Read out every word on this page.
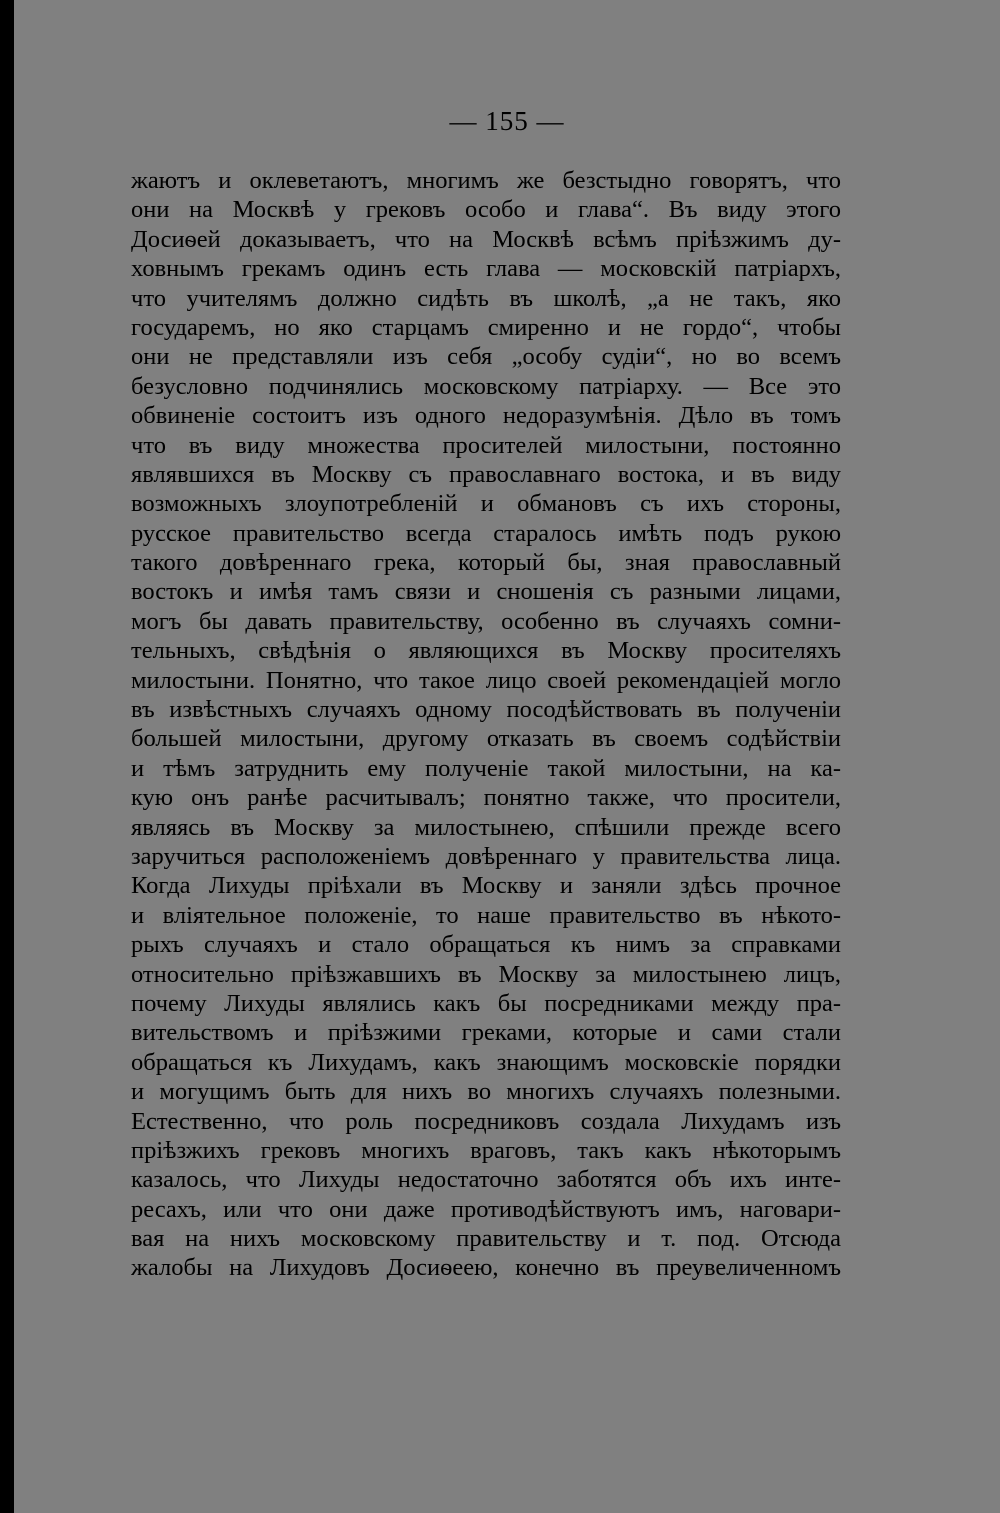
— 155 —
жаютъ и оклеветаютъ, многимъ же безстыдно говорятъ, что
они на Москвѣ у грековъ особо и глава“. Въ виду этого
Досиѳей доказываетъ, что на Москвѣ всѣмъ пріѣзжимъ ду-
ховнымъ грекамъ одинъ есть глава — московскій патріархъ,
что учителямъ должно сидѣть въ школѣ, „а не такъ, яко
государемъ, но яко старцамъ смиренно и не гордо“, чтобы
они не представляли изъ себя „особу судіи“, но во всемъ
безусловно подчинялись московскому патріарху. — Все это
обвиненіе состоитъ изъ одного недоразумѣнія. Дѣло въ томъ
что въ виду множества просителей милостыни, постоянно
являвшихся въ Москву съ православнаго востока, и въ виду
возможныхъ злоупотребленій и обмановъ съ ихъ стороны,
русское правительство всегда старалось имѣть подъ рукою
такого довѣреннаго грека, который бы, зная православный
востокъ и имѣя тамъ связи и сношенія съ разными лицами,
могъ бы давать правительству, особенно въ случаяхъ сомни-
тельныхъ, свѣдѣнія о являющихся въ Москву просителяхъ
милостыни. Понятно, что такое лицо своей рекомендацiей могло
въ извѣстныхъ случаяхъ одному посодѣйствовать въ полученіи
большей милостыни, другому отказать въ своемъ содѣйствіи
и тѣмъ затруднить ему полученіе такой милостыни, на ка-
кую онъ ранѣе расчитывалъ; понятно также, что просители,
являясь въ Москву за милостынею, спѣшили прежде всего
заручиться расположеніемъ довѣреннаго у правительства лица.
Когда Лихуды пріѣхали въ Москву и заняли здѣсь прочное
и вліятельное положеніе, то наше правительство въ нѣкото-
рыхъ случаяхъ и стало обращаться къ нимъ за справками
относительно пріѣзжавшихъ въ Москву за милостынею лицъ,
почему Лихуды являлись какъ бы посредниками между пра-
вительствомъ и пріѣзжими греками, которые и сами стали
обращаться къ Лихудамъ, какъ знающимъ московскіе порядки
и могущимъ быть для нихъ во многихъ случаяхъ полезными.
Естественно, что роль посредниковъ создала Лихудамъ изъ
пріѣзжихъ грековъ многихъ враговъ, такъ какъ нѣкоторымъ
казалось, что Лихуды недостаточно заботятся объ ихъ инте-
ресахъ, или что они даже противодѣйствуютъ имъ, наговари-
вая на нихъ московскому правительству и т. под. Отсюда
жалобы на Лихудовъ Досиѳеею, конечно въ преувеличенномъ
